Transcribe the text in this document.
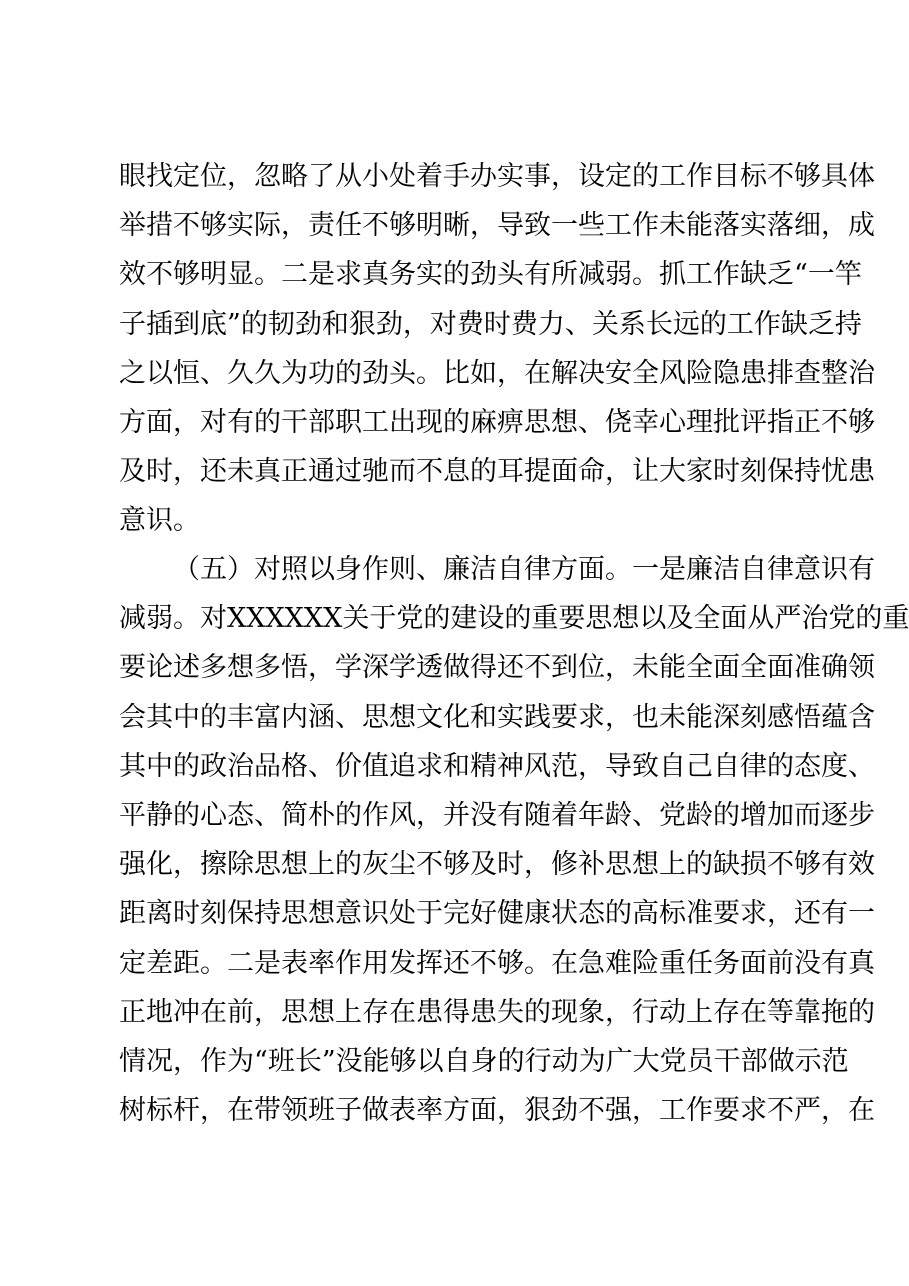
眼 找 定 位 ， 忽 略 了 从 小 处 着 手 办 实 事 ， 设 定 的 工 作 目 标 不 够 具 体
举 措 不 够 实 际 ， 责 任 不 够 明 晰 ， 导 致 一 些 工 作 未 能 落 实 落 细 ， 成
效 不 够 明 显 。 二 是 求 真 务 实 的 劲 头 有 所 减 弱 。 抓 工 作 缺 乏 “ 一 竿
子 插 到 底 ” 的 韧 劲 和 狠 劲 ， 对 费 时 费 力 、 关 系 长 远 的 工 作 缺 乏 持
之 以 恒 、 久 久 为 功 的 劲 头 。 比 如 ， 在 解 决 安 全 风 险 隐 患 排 查 整 治
方 面 ， 对 有 的 干 部 职 工 出 现 的 麻 痹 思 想 、 侥 幸 心 理 批 评 指 正 不 够
及 时 ， 还 未 真 正 通 过 驰 而 不 息 的 耳 提 面 命 ， 让 大 家 时 刻 保 持 忧 患
意识。

（ 五 ） 对 照 以 身 作 则 、 廉 洁 自 律 方 面 。 一 是 廉 洁 自 律 意 识 有
减 弱 。 对 XXXXXX 关 于 党 的 建 设 的 重 要 思 想 以 及 全 面 从 严 治 党 的 重
要 论 述 多 想 多 悟 ， 学 深 学 透 做 得 还 不 到 位 ， 未 能 全 面 全 面 准 确 领
会 其 中 的 丰 富 内 涵 、 思 想 文 化 和 实 践 要 求 ， 也 未 能 深 刻 感 悟 蕴 含
其 中 的 政 治 品 格 、 价 值 追 求 和 精 神 风 范 ， 导 致 自 己 自 律 的 态 度 、
平 静 的 心 态 、 简 朴 的 作 风 ， 并 没 有 随 着 年 龄 、 党 龄 的 增 加 而 逐 步
强 化 ， 擦 除 思 想 上 的 灰 尘 不 够 及 时 ， 修 补 思 想 上 的 缺 损 不 够 有 效
距 离 时 刻 保 持 思 想 意 识 处 于 完 好 健 康 状 态 的 高 标 准 要 求 ， 还 有 一
定 差 距 。 二 是 表 率 作 用 发 挥 还 不 够 。 在 急 难 险 重 任 务 面 前 没 有 真
正 地 冲 在 前 ， 思 想 上 存 在 患 得 患 失 的 现 象 ， 行 动 上 存 在 等 靠 拖 的
情 况 ， 作 为 “ 班 长 ” 没 能 够 以 自 身 的 行 动 为 广 大 党 员 干 部 做 示 范
树 标 杆 ， 在 带 领 班 子 做 表 率 方 面 ， 狠 劲 不 强 ， 工 作 要 求 不 严 ， 在
